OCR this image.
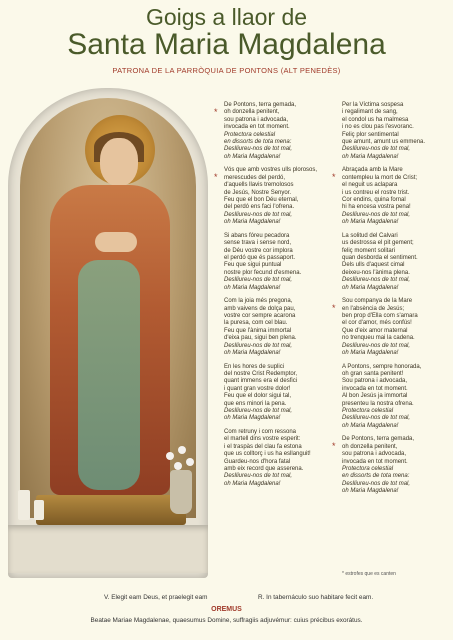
Goigs a llaor de
Santa Maria Magdalena
PATRONA DE LA PARRÒQUIA DE PONTONS (ALT PENEDÈS)
*
De Pontons, terra gemada,
oh donzella penitent,
sou patrona i advocada,
invocada en tot moment.
Protectora celestial
en dissorts de tota mena:
Deslliureu-nos de tot mal,
oh Maria Magdalena!
*
Vós que amb vostres ulls plorosos,
merescudes del perdó,
d'aquells llavis tremolosos
de Jesús, Nostre Senyor.
Feu que el bon Déu eternal,
del perdó ens faci l'ofrena.
Deslliureu-nos de tot mal,
oh Maria Magdalena!
Si abans fóreu pecadora
sense trava i sense nord,
de Déu vostre cor implora
el perdó que és passaport.
Feu que sigui puntual
nostre plor fecund d'esmena.
Deslliureu-nos de tot mal,
oh Maria Magdalena!
Com la joia més pregona,
amb vaivens de dolça pau,
vostre cor sempre acarona
la puresa, com cel blau.
Feu que l'ànima immortal
d'eixa pau, sigui ben plena.
Deslliureu-nos de tot mal,
oh Maria Magdalena!
En les hores de suplici
del nostre Crist Redemptor,
quant immens era el desfici
i quant gran vostre dolor!
Feu que el dolor sigui tal,
que ens minori la pena.
Deslliureu-nos de tot mal,
oh Maria Magdalena!
Com retruny i com ressona
el martell dins vostre esperit:
i el traspàs del clau fa estona
que us colltorç i us ha esllanguit!
Guardeu-nos d'hora fatal
amb eix record que asserena.
Deslliureu-nos de tot mal,
oh Maria Magdalena!
Per la Víctima sospesa
i regalimant de sang,
el condol us ha malmesa
i no es clou pas l'esvoranc.
Feliç plor sentimental
que amunt, amunt us emmena.
Deslliureu-nos de tot mal,
oh Maria Magdalena!
*
Abraçada amb la Mare
contempleu la mort de Crist;
el neguit us aclapara
i us contreu el rostre trist.
Cor endins, quina fornal
hi ha encesa vostra pena!
Deslliureu-nos de tot mal,
oh Maria Magdalena!
La solitud del Calvari
us destrossa el pit gement;
feliç moment solitari
quan desborda el sentiment.
Dels ulls d'aquest cimal
deixeu-nos l'ànima plena.
Deslliureu-nos de tot mal,
oh Maria Magdalena!
*
Sou companya de la Mare
en l'absència de Jesús;
ben prop d'Ella com s'amara
el cor d'amor, més confús!
Que d'eix amor maternal
no trenqueu mai la cadena.
Deslliureu-nos de tot mal,
oh Maria Magdalena!
A Pontons, sempre honorada,
oh gran santa penitent!
Sou patrona i advocada,
invocada en tot moment.
Al bon Jesús ja immortal
presenteu la nostra ofrena.
Protectora celestial
Deslliureu-nos de tot mal,
oh Maria Magdalena!
*
De Pontons, terra gemada,
oh donzella penitent,
sou patrona i advocada,
invocada en tot moment.
Protectora celestial
en dissorts de tota mena:
Deslliureu-nos de tot mal,
oh Maria Magdalena!
* estrofes que es canten
V. Elegit eam Deus, et praelegit eam	R. In tabernáculo suo habitare fecit eam.
OREMUS
Beatae Mariae Magdalenae, quaesumus Domine, suffragiis adjuvémur: cuius précibus exorátus.
